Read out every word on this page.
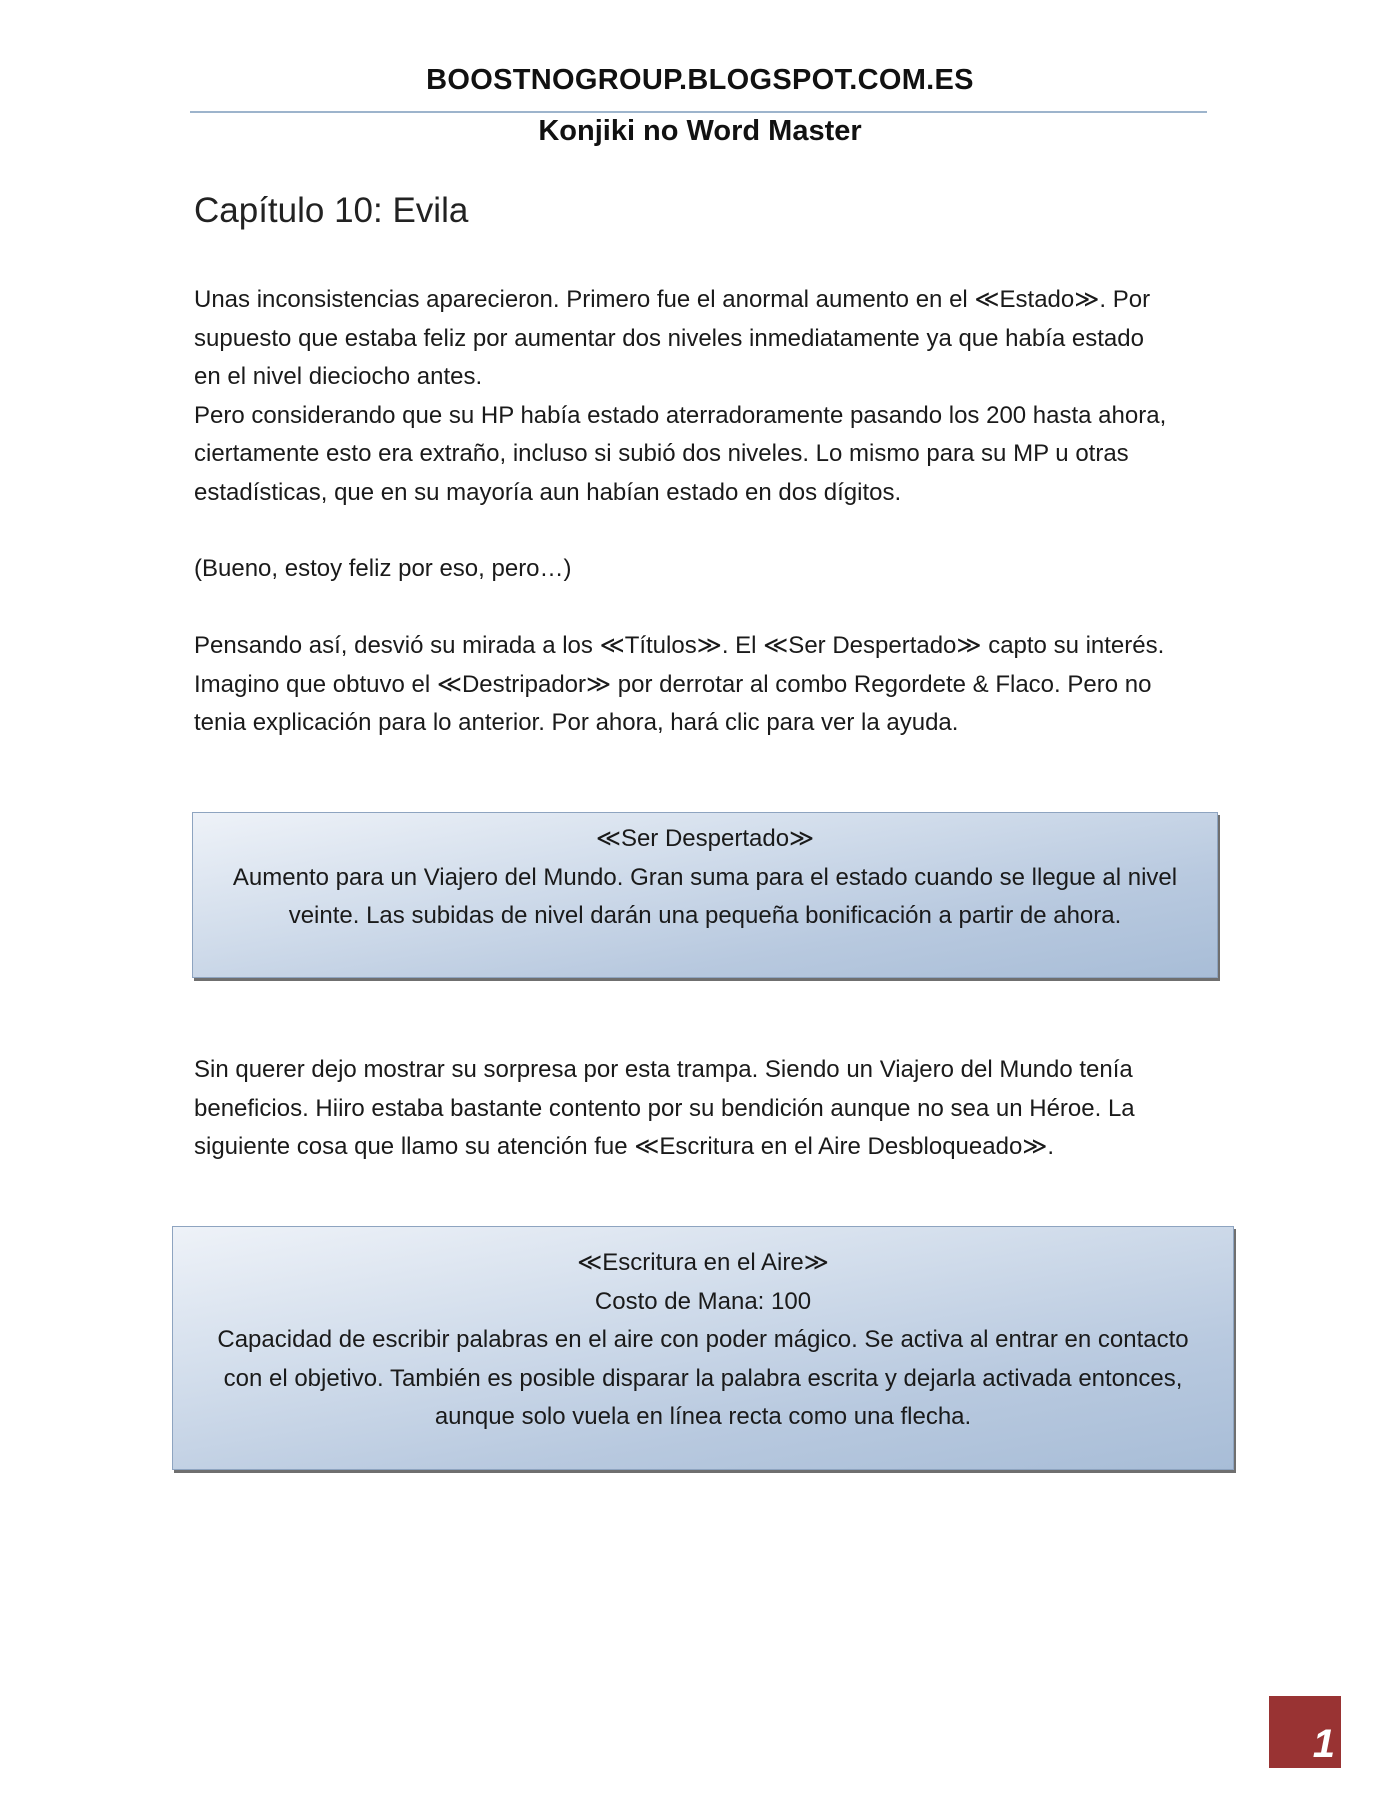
BOOSTNOGROUP.BLOGSPOT.COM.ES
Konjiki no Word Master
Capítulo 10: Evila
Unas inconsistencias aparecieron. Primero fue el anormal aumento en el ≪Estado≫. Por
supuesto que estaba feliz por aumentar dos niveles inmediatamente ya que había estado
en el nivel dieciocho antes.
Pero considerando que su HP había estado aterradoramente pasando los 200 hasta ahora,
ciertamente esto era extraño, incluso si subió dos niveles. Lo mismo para su MP u otras
estadísticas, que en su mayoría aun habían estado en dos dígitos.
(Bueno, estoy feliz por eso, pero…)
Pensando así, desvió su mirada a los ≪Títulos≫. El ≪Ser Despertado≫ capto su interés.
Imagino que obtuvo el ≪Destripador≫ por derrotar al combo Regordete & Flaco. Pero no
tenia explicación para lo anterior. Por ahora, hará clic para ver la ayuda.
≪Ser Despertado≫
Aumento para un Viajero del Mundo. Gran suma para el estado cuando se llegue al nivel
veinte. Las subidas de nivel darán una pequeña bonificación a partir de ahora.
Sin querer dejo mostrar su sorpresa por esta trampa. Siendo un Viajero del Mundo tenía
beneficios. Hiiro estaba bastante contento por su bendición aunque no sea un Héroe. La
siguiente cosa que llamo su atención fue ≪Escritura en el Aire Desbloqueado≫.
≪Escritura en el Aire≫
Costo de Mana: 100
Capacidad de escribir palabras en el aire con poder mágico. Se activa al entrar en contacto
con el objetivo. También es posible disparar la palabra escrita y dejarla activada entonces,
aunque solo vuela en línea recta como una flecha.
1
